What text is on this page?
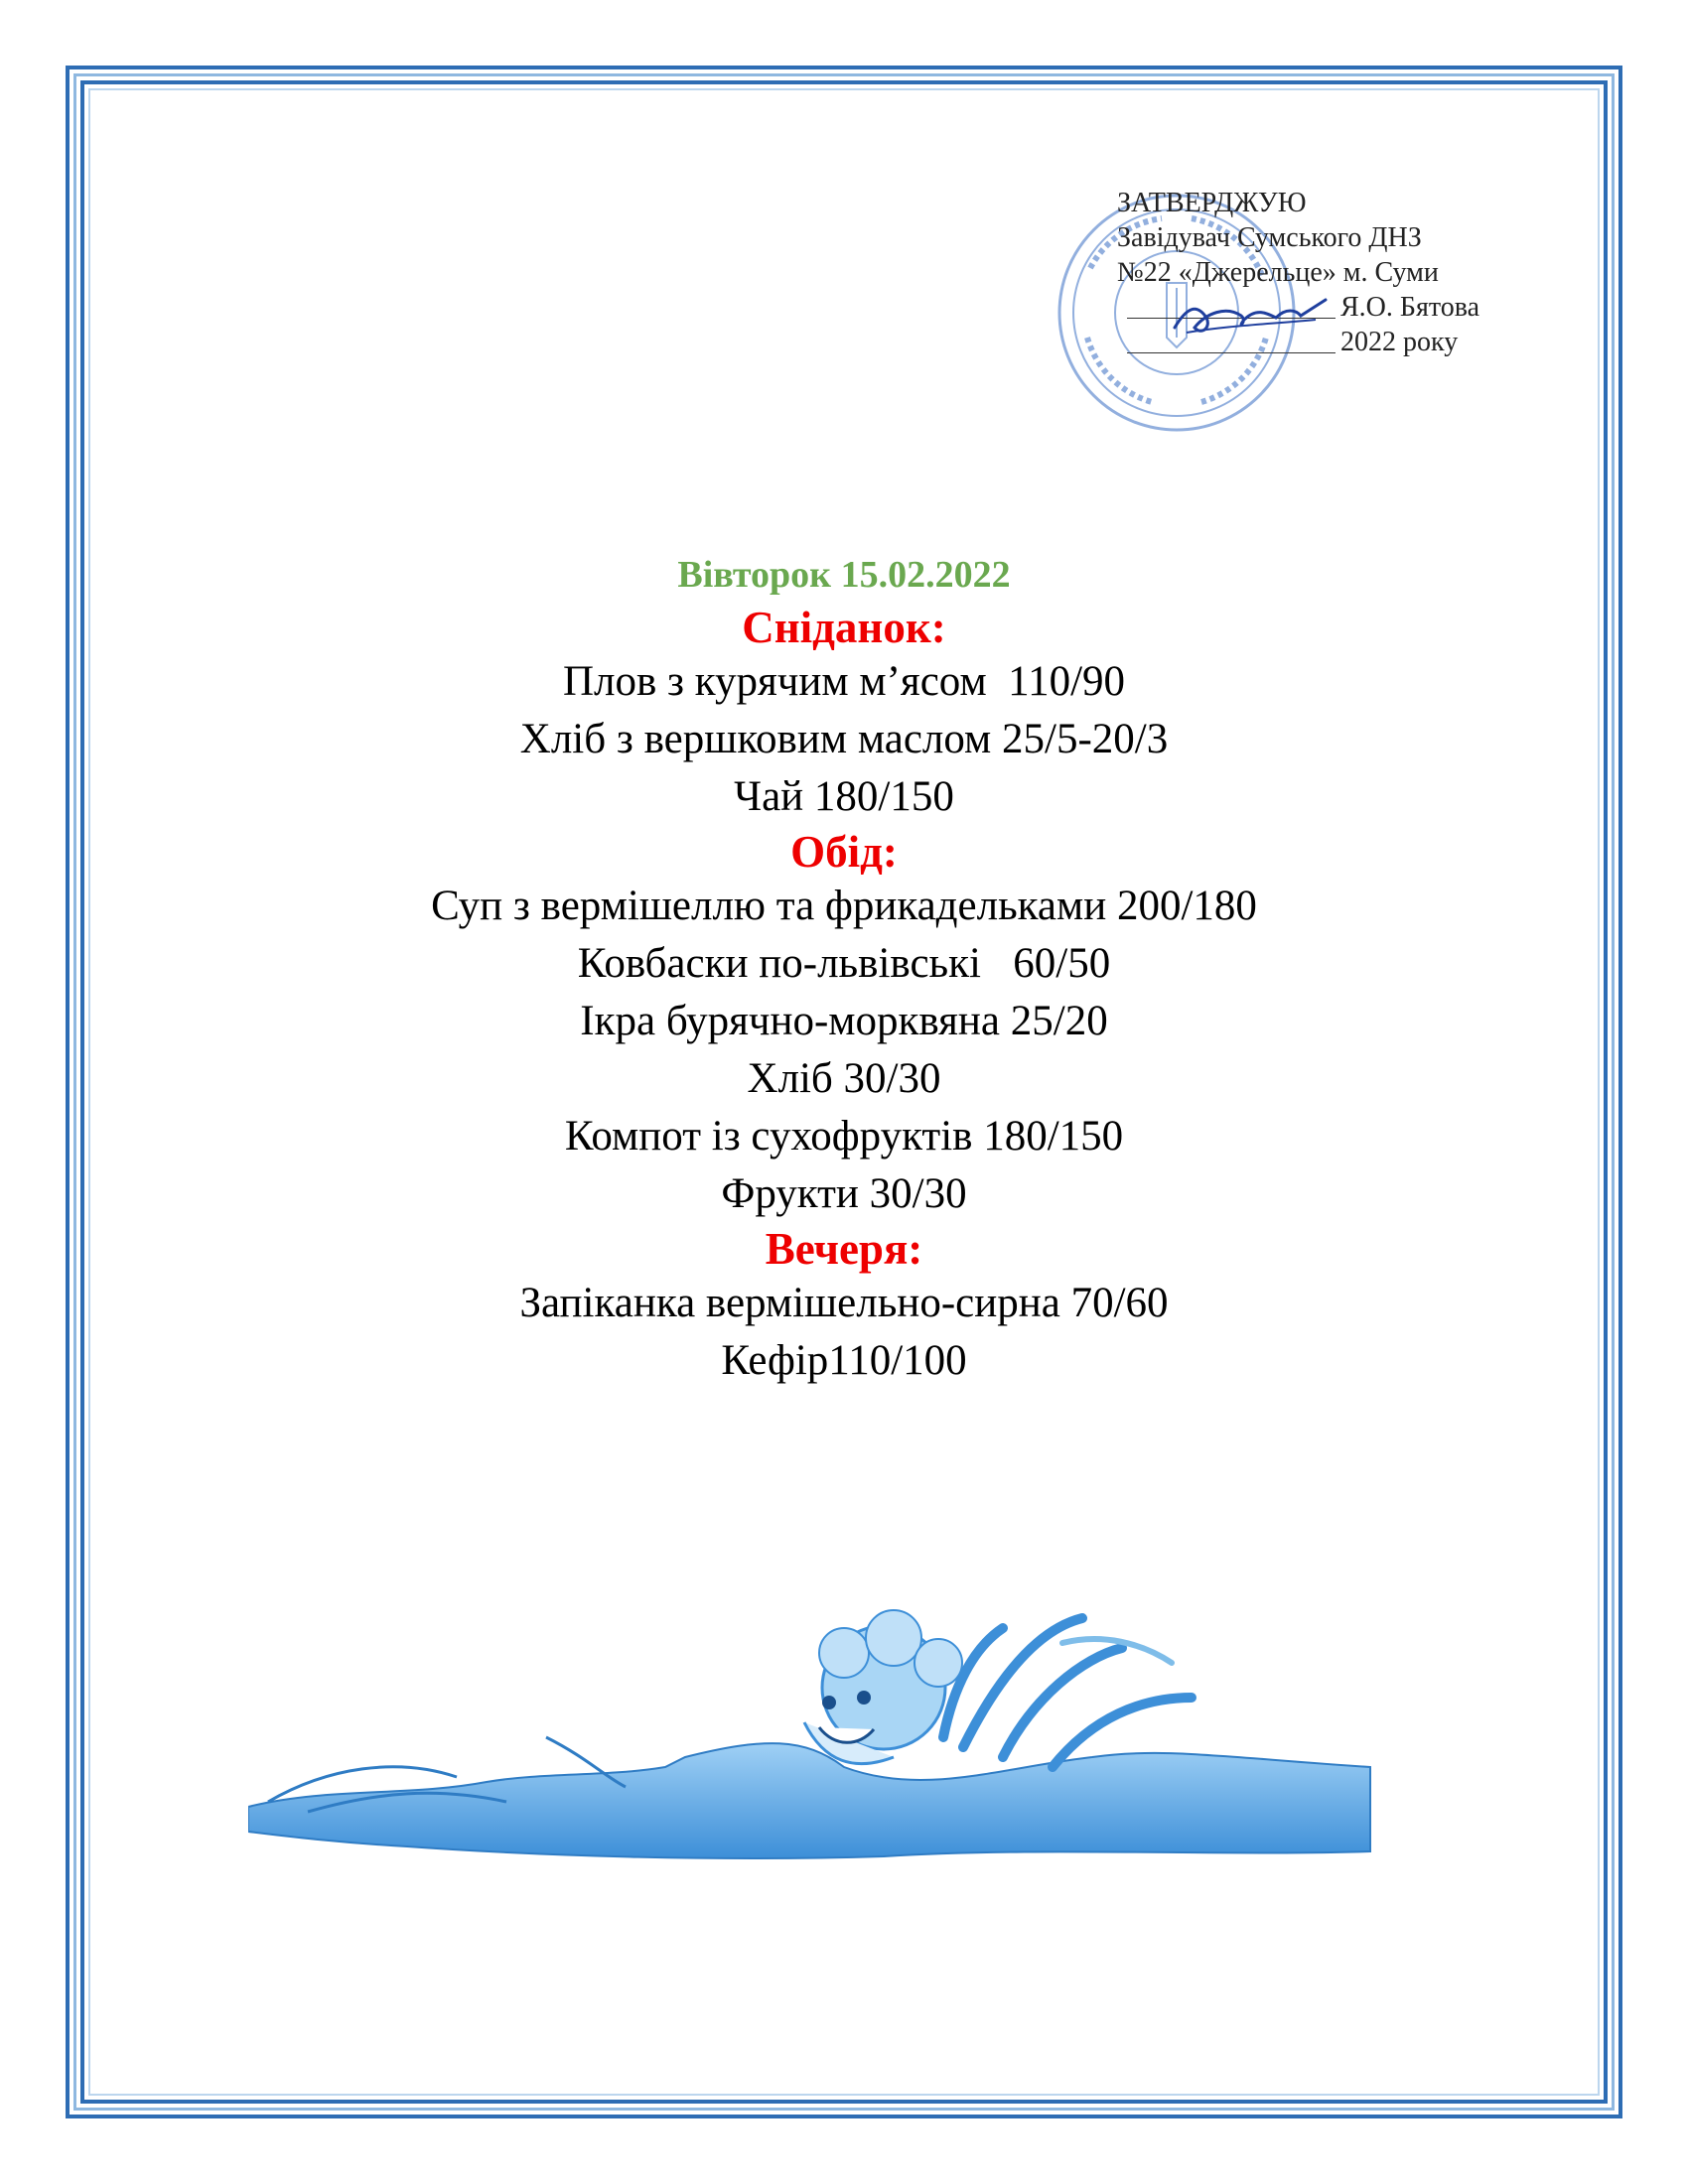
ЗАТВЕРДЖУЮ
Завідувач Сумського ДНЗ
№22 «Джерельце» м. Суми
Я.О. Бятова
2022 року
Вівторок 15.02.2022
Сніданок:
Плов з курячим м’ясом  110/90
Хліб з вершковим маслом 25/5-20/3
Чай 180/150
Обід:
Суп з вермішеллю та фрикадельками 200/180
Ковбаски по-львівські   60/50
Ікра бурячно-морквяна 25/20
Хліб 30/30
Компот із сухофруктів 180/150
Фрукти 30/30
Вечеря:
Запіканка вермішельно-сирна 70/60
Кефір110/100
